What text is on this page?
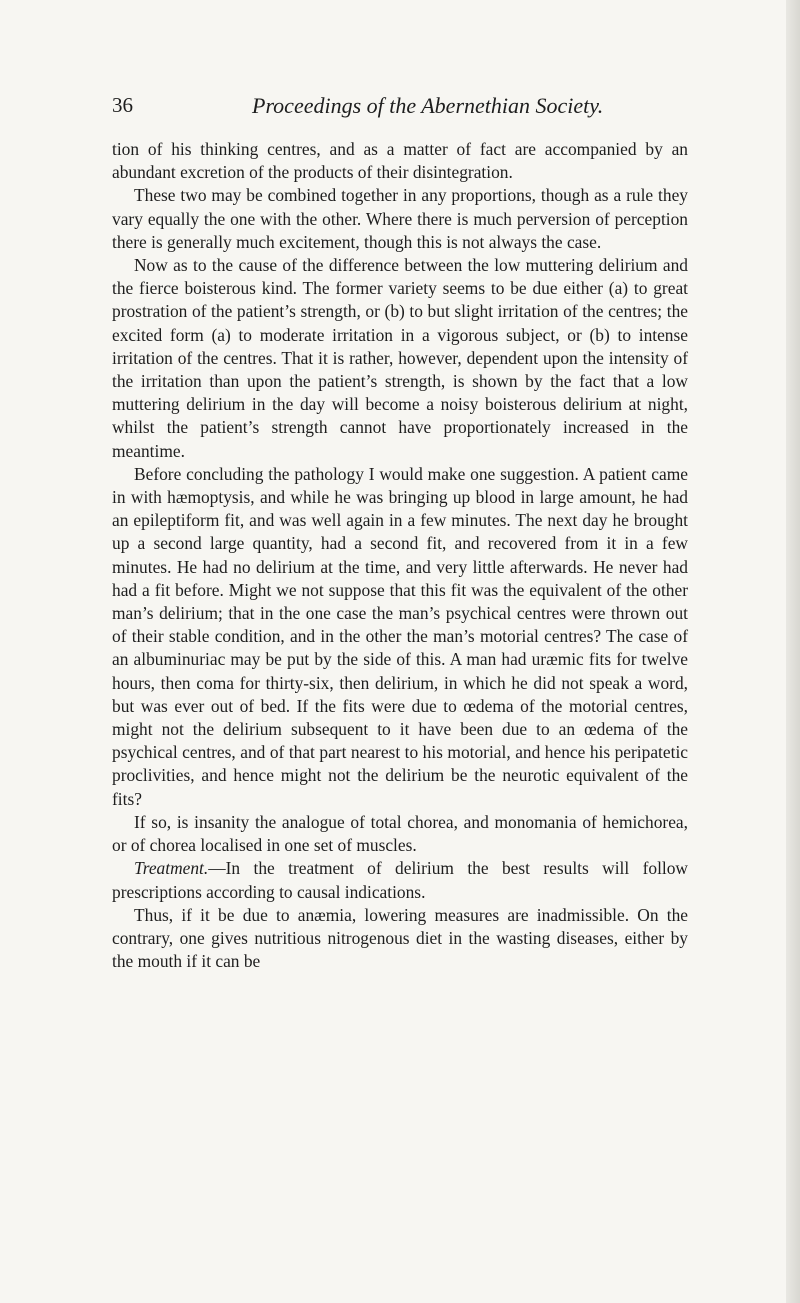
36	Proceedings of the Abernethian Society.

tion of his thinking centres, and as a matter of fact are accompanied by an abundant excretion of the products of their disintegration.

These two may be combined together in any proportions, though as a rule they vary equally the one with the other. Where there is much perversion of perception there is generally much excitement, though this is not always the case.

Now as to the cause of the difference between the low muttering delirium and the fierce boisterous kind. The former variety seems to be due either (a) to great prostration of the patient’s strength, or (b) to but slight irritation of the centres; the excited form (a) to moderate irritation in a vigorous subject, or (b) to intense irritation of the centres. That it is rather, however, dependent upon the intensity of the irritation than upon the patient’s strength, is shown by the fact that a low muttering delirium in the day will become a noisy boisterous delirium at night, whilst the patient’s strength cannot have proportionately increased in the meantime.

Before concluding the pathology I would make one suggestion. A patient came in with hæmoptysis, and while he was bringing up blood in large amount, he had an epileptiform fit, and was well again in a few minutes. The next day he brought up a second large quantity, had a second fit, and recovered from it in a few minutes. He had no delirium at the time, and very little afterwards. He never had had a fit before. Might we not suppose that this fit was the equivalent of the other man’s delirium; that in the one case the man’s psychical centres were thrown out of their stable condition, and in the other the man’s motorial centres? The case of an albuminuriac may be put by the side of this. A man had uræmic fits for twelve hours, then coma for thirty-six, then delirium, in which he did not speak a word, but was ever out of bed. If the fits were due to œdema of the motorial centres, might not the delirium subsequent to it have been due to an œdema of the psychical centres, and of that part nearest to his motorial, and hence his peripatetic proclivities, and hence might not the delirium be the neurotic equivalent of the fits?

If so, is insanity the analogue of total chorea, and monomania of hemichorea, or of chorea localised in one set of muscles.

Treatment.—In the treatment of delirium the best results will follow prescriptions according to causal indications.

Thus, if it be due to anæmia, lowering measures are inadmissible. On the contrary, one gives nutritious nitrogenous diet in the wasting diseases, either by the mouth if it can be
